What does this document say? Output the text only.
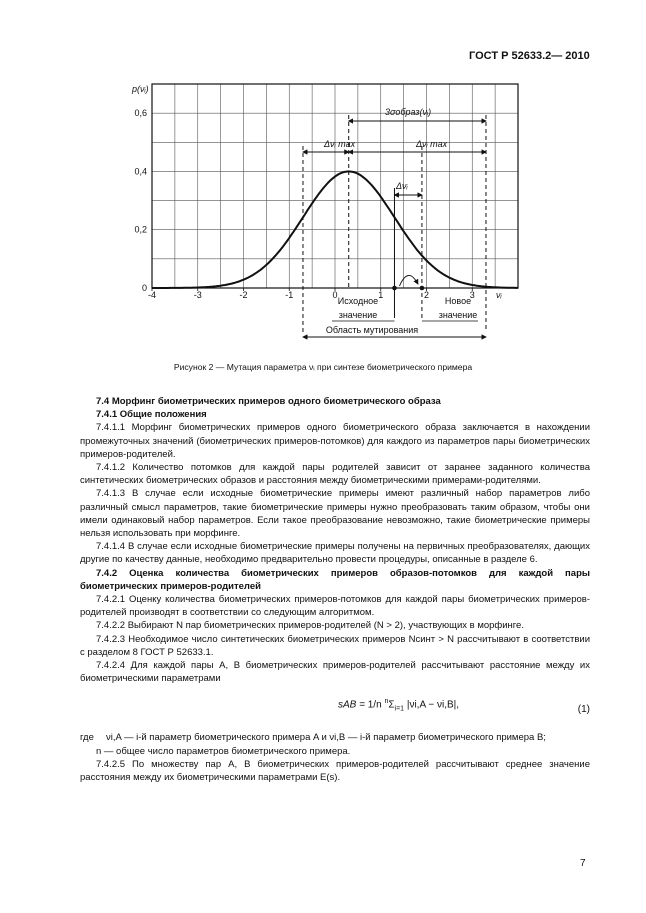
ГОСТ Р 52633.2— 2010
3σобраз(νᵢ)
Δνᵢ max	Δνᵢ max
Δνᵢ
Исходное
значение
Новое
значение
Область мутирования
-4	-3	-2	-1	0	1	2	3
0
0,2
0,4
0,6
p(νᵢ)
νᵢ
Рисунок 2 — Мутация параметра νᵢ при синтезе биометрического примера

7.4 Морфинг биометрических примеров одного биометрического образа

7.4.1 Общие положения

7.4.1.1 Морфинг биометрических примеров одного биометрического образа заключается в нахождении промежуточных значений (биометрических примеров-потомков) для каждого из параметров пары биометрических примеров-родителей.

7.4.1.2 Количество потомков для каждой пары родителей зависит от заранее заданного количества синтетических биометрических образов и расстояния между биометрическими примерами-родителями.

7.4.1.3 В случае если исходные биометрические примеры имеют различный набор параметров либо различный смысл параметров, такие биометрические примеры нужно преобразовать таким образом, чтобы они имели одинаковый набор параметров. Если такое преобразование невозможно, такие биометрические примеры нельзя использовать при морфинге.

7.4.1.4 В случае если исходные биометрические примеры получены на первичных преобразователях, дающих другие по качеству данные, необходимо предварительно провести процедуры, описанные в разделе 6.

7.4.2 Оценка количества биометрических примеров образов-потомков для каждой пары биометрических примеров-родителей

7.4.2.1 Оценку количества биометрических примеров-потомков для каждой пары биометрических примеров-родителей производят в соответствии со следующим алгоритмом.

7.4.2.2 Выбирают N пар биометрических примеров-родителей (N > 2), участвующих в морфинге.

7.4.2.3 Необходимое число синтетических биометрических примеров Nсинт > N рассчитывают в соответствии с разделом 8 ГОСТ Р 52633.1.

7.4.2.4 Для каждой пары A, B биометрических примеров-родителей рассчитывают расстояние между их биометрическими параметрами

sAB = 1/n $^n\Sigma_{i=1}$ |νi,A − νi,B|,	(1)

где νi,A — i-й параметр биометрического примера A и νi,B — i-й параметр биометрического примера B;

n — общее число параметров биометрического примера.

7.4.2.5 По множеству пар A, B биометрических примеров-родителей рассчитывают среднее значение расстояния между их биометрическими параметрами E(s).

7
